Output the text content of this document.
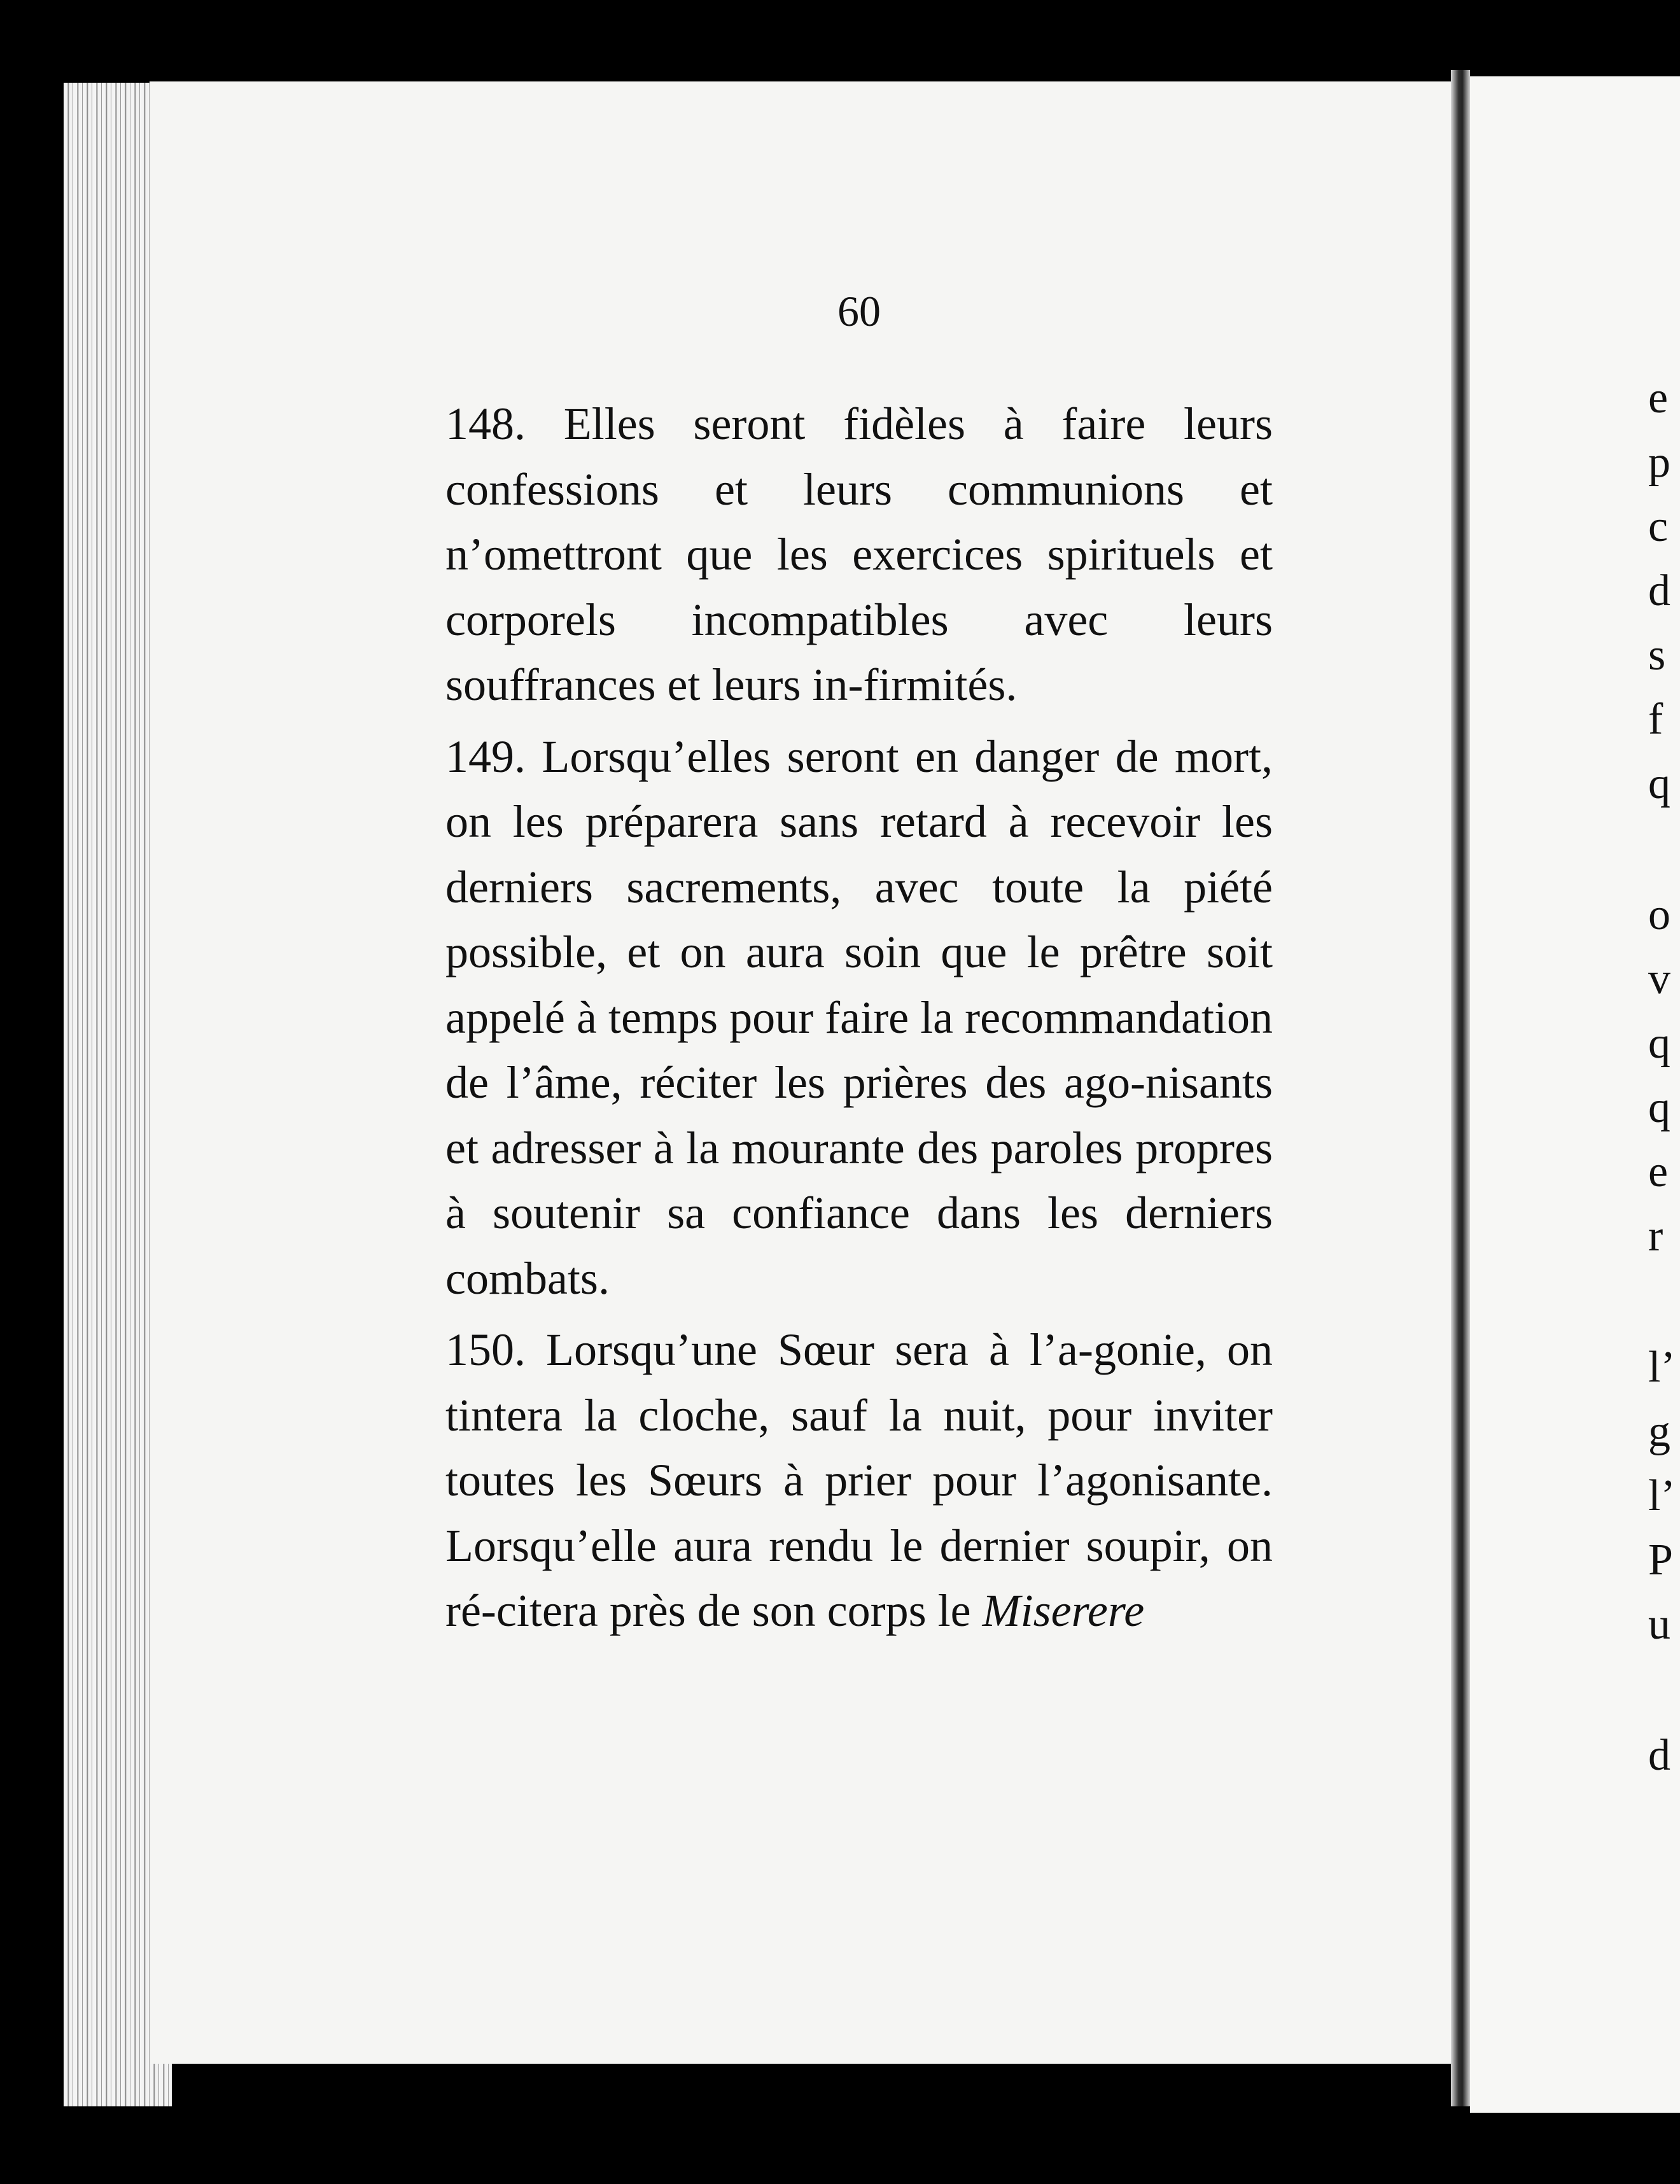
60

148. Elles seront fidèles à faire leurs confessions et leurs communions et n’omettront que les exercices spirituels et corporels incompatibles avec leurs souffrances et leurs in-firmités.

149. Lorsqu’elles seront en danger de mort, on les préparera sans retard à recevoir les derniers sacrements, avec toute la piété possible, et on aura soin que le prêtre soit appelé à temps pour faire la recommandation de l’âme, réciter les prières des ago-nisants et adresser à la mourante des paroles propres à soutenir sa confiance dans les derniers combats.

150. Lorsqu’une Sœur sera à l’a-gonie, on tintera la cloche, sauf la nuit, pour inviter toutes les Sœurs à prier pour l’agonisante. Lorsqu’elle aura rendu le dernier soupir, on ré-citera près de son corps le Miserere

e
p
c
d
s
f
q
o
v
q
q
e
r
l’
g
l’
P
u
d
